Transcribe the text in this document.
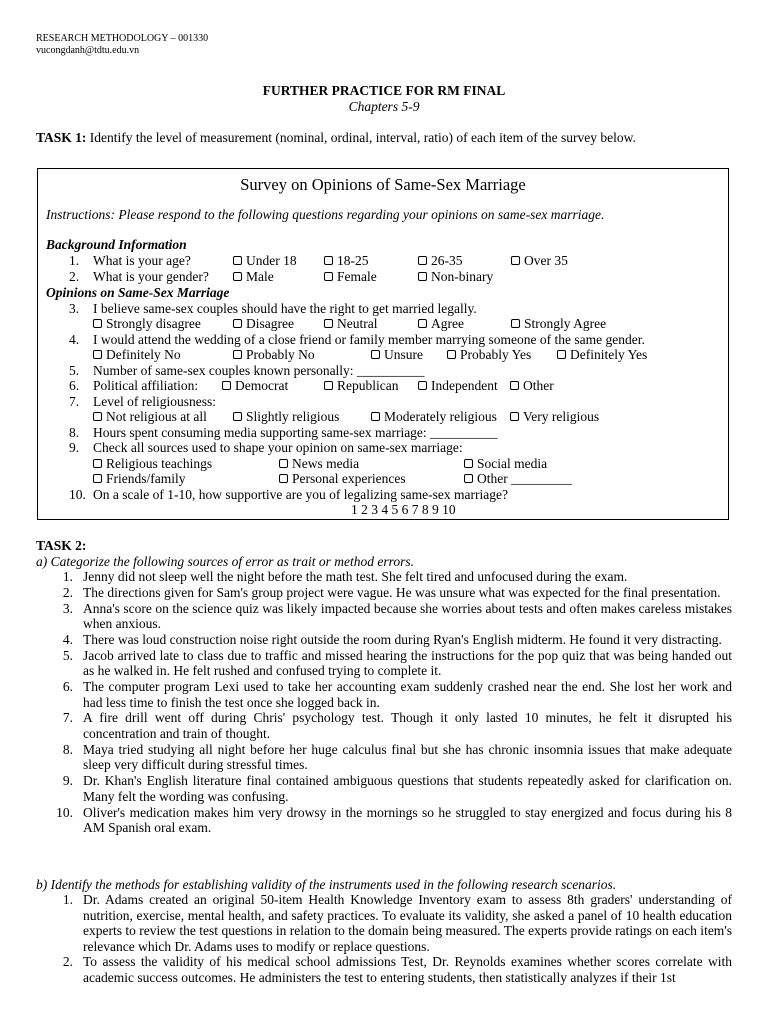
RESEARCH METHODOLOGY – 001330
vucongdanh@tdtu.edu.vn
FURTHER PRACTICE FOR RM FINAL
Chapters 5-9
TASK 1: Identify the level of measurement (nominal, ordinal, interval, ratio) of each item of the survey below.
Survey on Opinions of Same-Sex Marriage
Instructions: Please respond to the following questions regarding your opinions on same-sex marriage.
Background Information
1. What is your age?	Under 18	18-25	26-35	Over 35
2. What is your gender?	Male	Female	Non-binary
Opinions on Same-Sex Marriage
3. I believe same-sex couples should have the right to get married legally.
Strongly disagree	Disagree	Neutral	Agree	Strongly Agree
4. I would attend the wedding of a close friend or family member marrying someone of the same gender.
Definitely No	Probably No	Unsure	Probably Yes	Definitely Yes
5. Number of same-sex couples known personally: __________
6. Political affiliation:	Democrat	Republican	Independent	Other
7. Level of religiousness:
Not religious at all	Slightly religious	Moderately religious	Very religious
8. Hours spent consuming media supporting same-sex marriage: __________
9. Check all sources used to shape your opinion on same-sex marriage:
Religious teachings	News media	Social media
Friends/family	Personal experiences	Other _________
10. On a scale of 1-10, how supportive are you of legalizing same-sex marriage?
1 2 3 4 5 6 7 8 9 10
TASK 2:
a) Categorize the following sources of error as trait or method errors.
1. Jenny did not sleep well the night before the math test. She felt tired and unfocused during the exam.
2. The directions given for Sam's group project were vague. He was unsure what was expected for the final presentation.
3. Anna's score on the science quiz was likely impacted because she worries about tests and often makes careless mistakes when anxious.
4. There was loud construction noise right outside the room during Ryan's English midterm. He found it very distracting.
5. Jacob arrived late to class due to traffic and missed hearing the instructions for the pop quiz that was being handed out as he walked in. He felt rushed and confused trying to complete it.
6. The computer program Lexi used to take her accounting exam suddenly crashed near the end. She lost her work and had less time to finish the test once she logged back in.
7. A fire drill went off during Chris' psychology test. Though it only lasted 10 minutes, he felt it disrupted his concentration and train of thought.
8. Maya tried studying all night before her huge calculus final but she has chronic insomnia issues that make adequate sleep very difficult during stressful times.
9. Dr. Khan's English literature final contained ambiguous questions that students repeatedly asked for clarification on. Many felt the wording was confusing.
10. Oliver's medication makes him very drowsy in the mornings so he struggled to stay energized and focus during his 8 AM Spanish oral exam.
b) Identify the methods for establishing validity of the instruments used in the following research scenarios.
1. Dr. Adams created an original 50-item Health Knowledge Inventory exam to assess 8th graders' understanding of nutrition, exercise, mental health, and safety practices. To evaluate its validity, she asked a panel of 10 health education experts to review the test questions in relation to the domain being measured. The experts provide ratings on each item's relevance which Dr. Adams uses to modify or replace questions.
2. To assess the validity of his medical school admissions Test, Dr. Reynolds examines whether scores correlate with academic success outcomes. He administers the test to entering students, then statistically analyzes if their 1st
